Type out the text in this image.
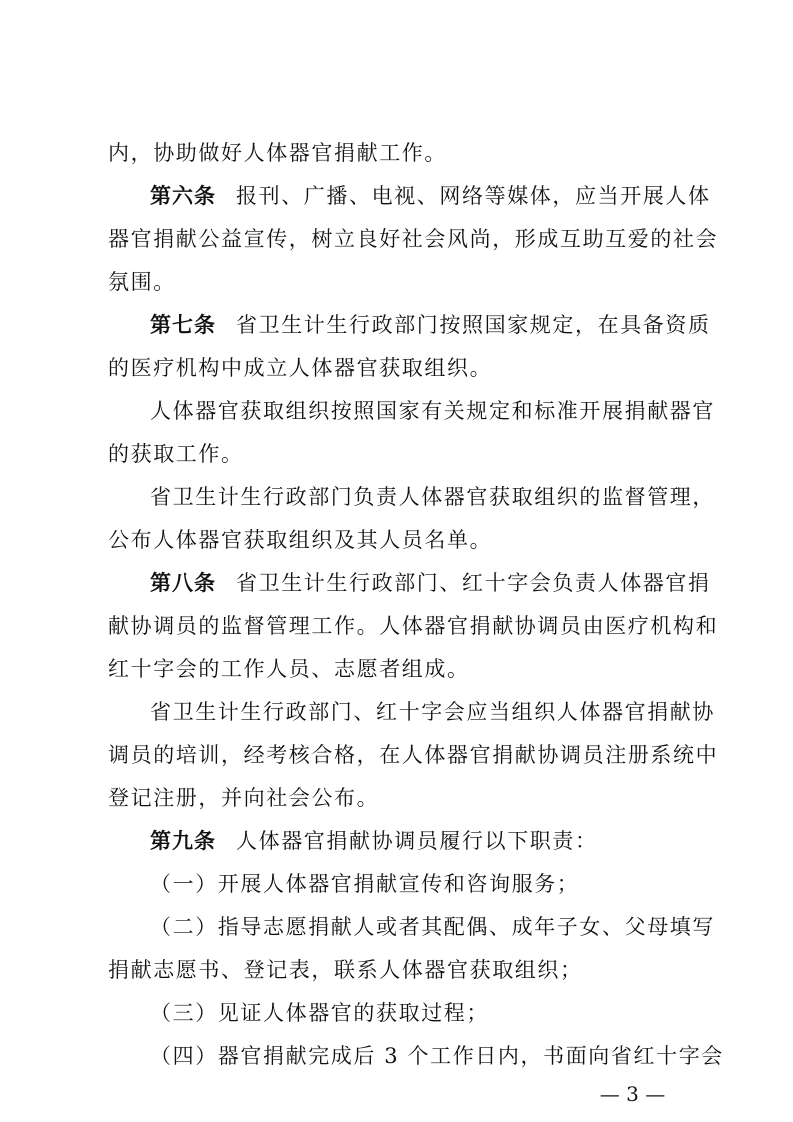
内，协助做好人体器官捐献工作。
第六条 报刊、广播、电视、网络等媒体，应当开展人体
器官捐献公益宣传，树立良好社会风尚，形成互助互爱的社会
氛围。
第七条 省卫生计生行政部门按照国家规定，在具备资质
的医疗机构中成立人体器官获取组织。
人体器官获取组织按照国家有关规定和标准开展捐献器官
的获取工作。
省卫生计生行政部门负责人体器官获取组织的监督管理，
公布人体器官获取组织及其人员名单。
第八条 省卫生计生行政部门、红十字会负责人体器官捐
献协调员的监督管理工作。人体器官捐献协调员由医疗机构和
红十字会的工作人员、志愿者组成。
省卫生计生行政部门、红十字会应当组织人体器官捐献协
调员的培训，经考核合格，在人体器官捐献协调员注册系统中
登记注册，并向社会公布。
第九条 人体器官捐献协调员履行以下职责：
（一）开展人体器官捐献宣传和咨询服务；
（二）指导志愿捐献人或者其配偶、成年子女、父母填写
捐献志愿书、登记表，联系人体器官获取组织；
（三）见证人体器官的获取过程；
（四）器官捐献完成后 3 个工作日内，书面向省红十字会
— 3 —
